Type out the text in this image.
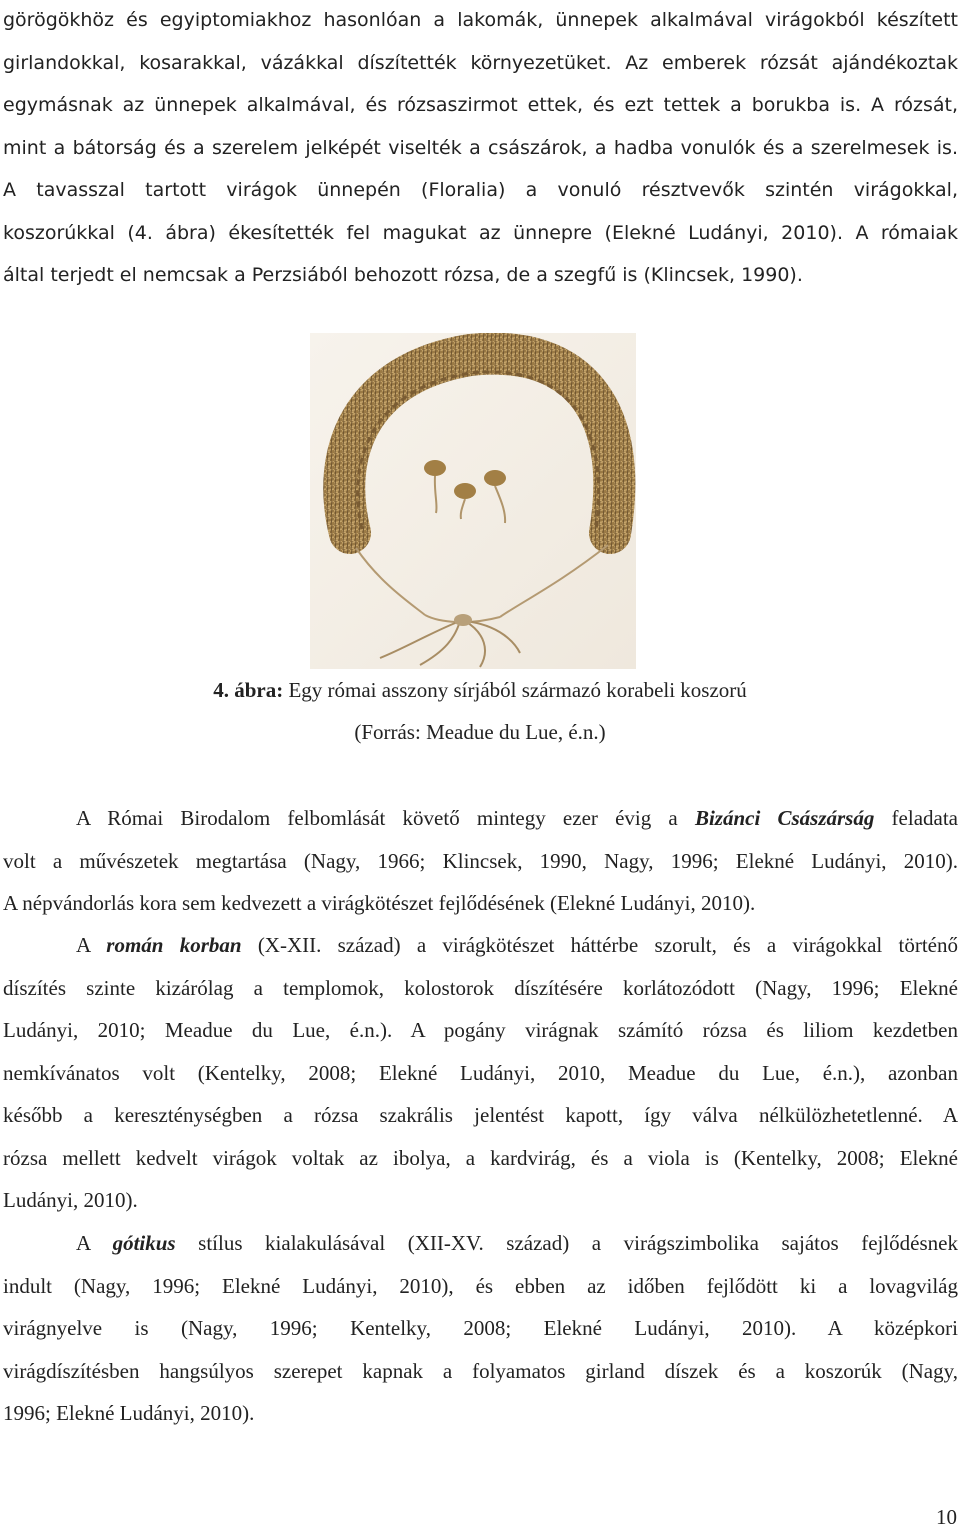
görögökhöz és egyiptomiakhoz hasonlóan a lakomák, ünnepek alkalmával virágokból készített
girlandokkal, kosarakkal, vázákkal díszítették környezetüket. Az emberek rózsát ajándékoztak
egymásnak az ünnepek alkalmával, és rózsaszirmot ettek, és ezt tettek a borukba is. A rózsát,
mint a bátorság és a szerelem jelképét viselték a császárok, a hadba vonulók és a szerelmesek is.
A tavasszal tartott virágok ünnepén (Floralia) a vonuló résztvevők szintén virágokkal,
koszorúkkal (4. ábra) ékesítették fel magukat az ünnepre (Elekné Ludányi, 2010). A rómaiak
által terjedt el nemcsak a Perzsiából behozott rózsa, de a szegfű is (Klincsek, 1990).
4. ábra: Egy római asszony sírjából származó korabeli koszorú
(Forrás: Meadue du Lue, é.n.)
A Római Birodalom felbomlását követő mintegy ezer évig a Bizánci Császárság feladata
volt a művészetek megtartása (Nagy, 1966; Klincsek, 1990, Nagy, 1996; Elekné Ludányi, 2010).
A népvándorlás kora sem kedvezett a virágkötészet fejlődésének (Elekné Ludányi, 2010).
A román korban (X-XII. század) a virágkötészet háttérbe szorult, és a virágokkal történő
díszítés szinte kizárólag a templomok, kolostorok díszítésére korlátozódott (Nagy, 1996; Elekné
Ludányi, 2010; Meadue du Lue, é.n.). A pogány virágnak számító rózsa és liliom kezdetben
nemkívánatos volt (Kentelky, 2008; Elekné Ludányi, 2010, Meadue du Lue, é.n.), azonban
később a kereszténységben a rózsa szakrális jelentést kapott, így válva nélkülözhetetlenné. A
rózsa mellett kedvelt virágok voltak az ibolya, a kardvirág, és a viola is (Kentelky, 2008; Elekné
Ludányi, 2010).
A gótikus stílus kialakulásával (XII-XV. század) a virágszimbolika sajátos fejlődésnek
indult (Nagy, 1996; Elekné Ludányi, 2010), és ebben az időben fejlődött ki a lovagvilág
virágnyelve is (Nagy, 1996; Kentelky, 2008; Elekné Ludányi, 2010). A középkori
virágdíszítésben hangsúlyos szerepet kapnak a folyamatos girland díszek és a koszorúk (Nagy,
1996; Elekné Ludányi, 2010).
10
